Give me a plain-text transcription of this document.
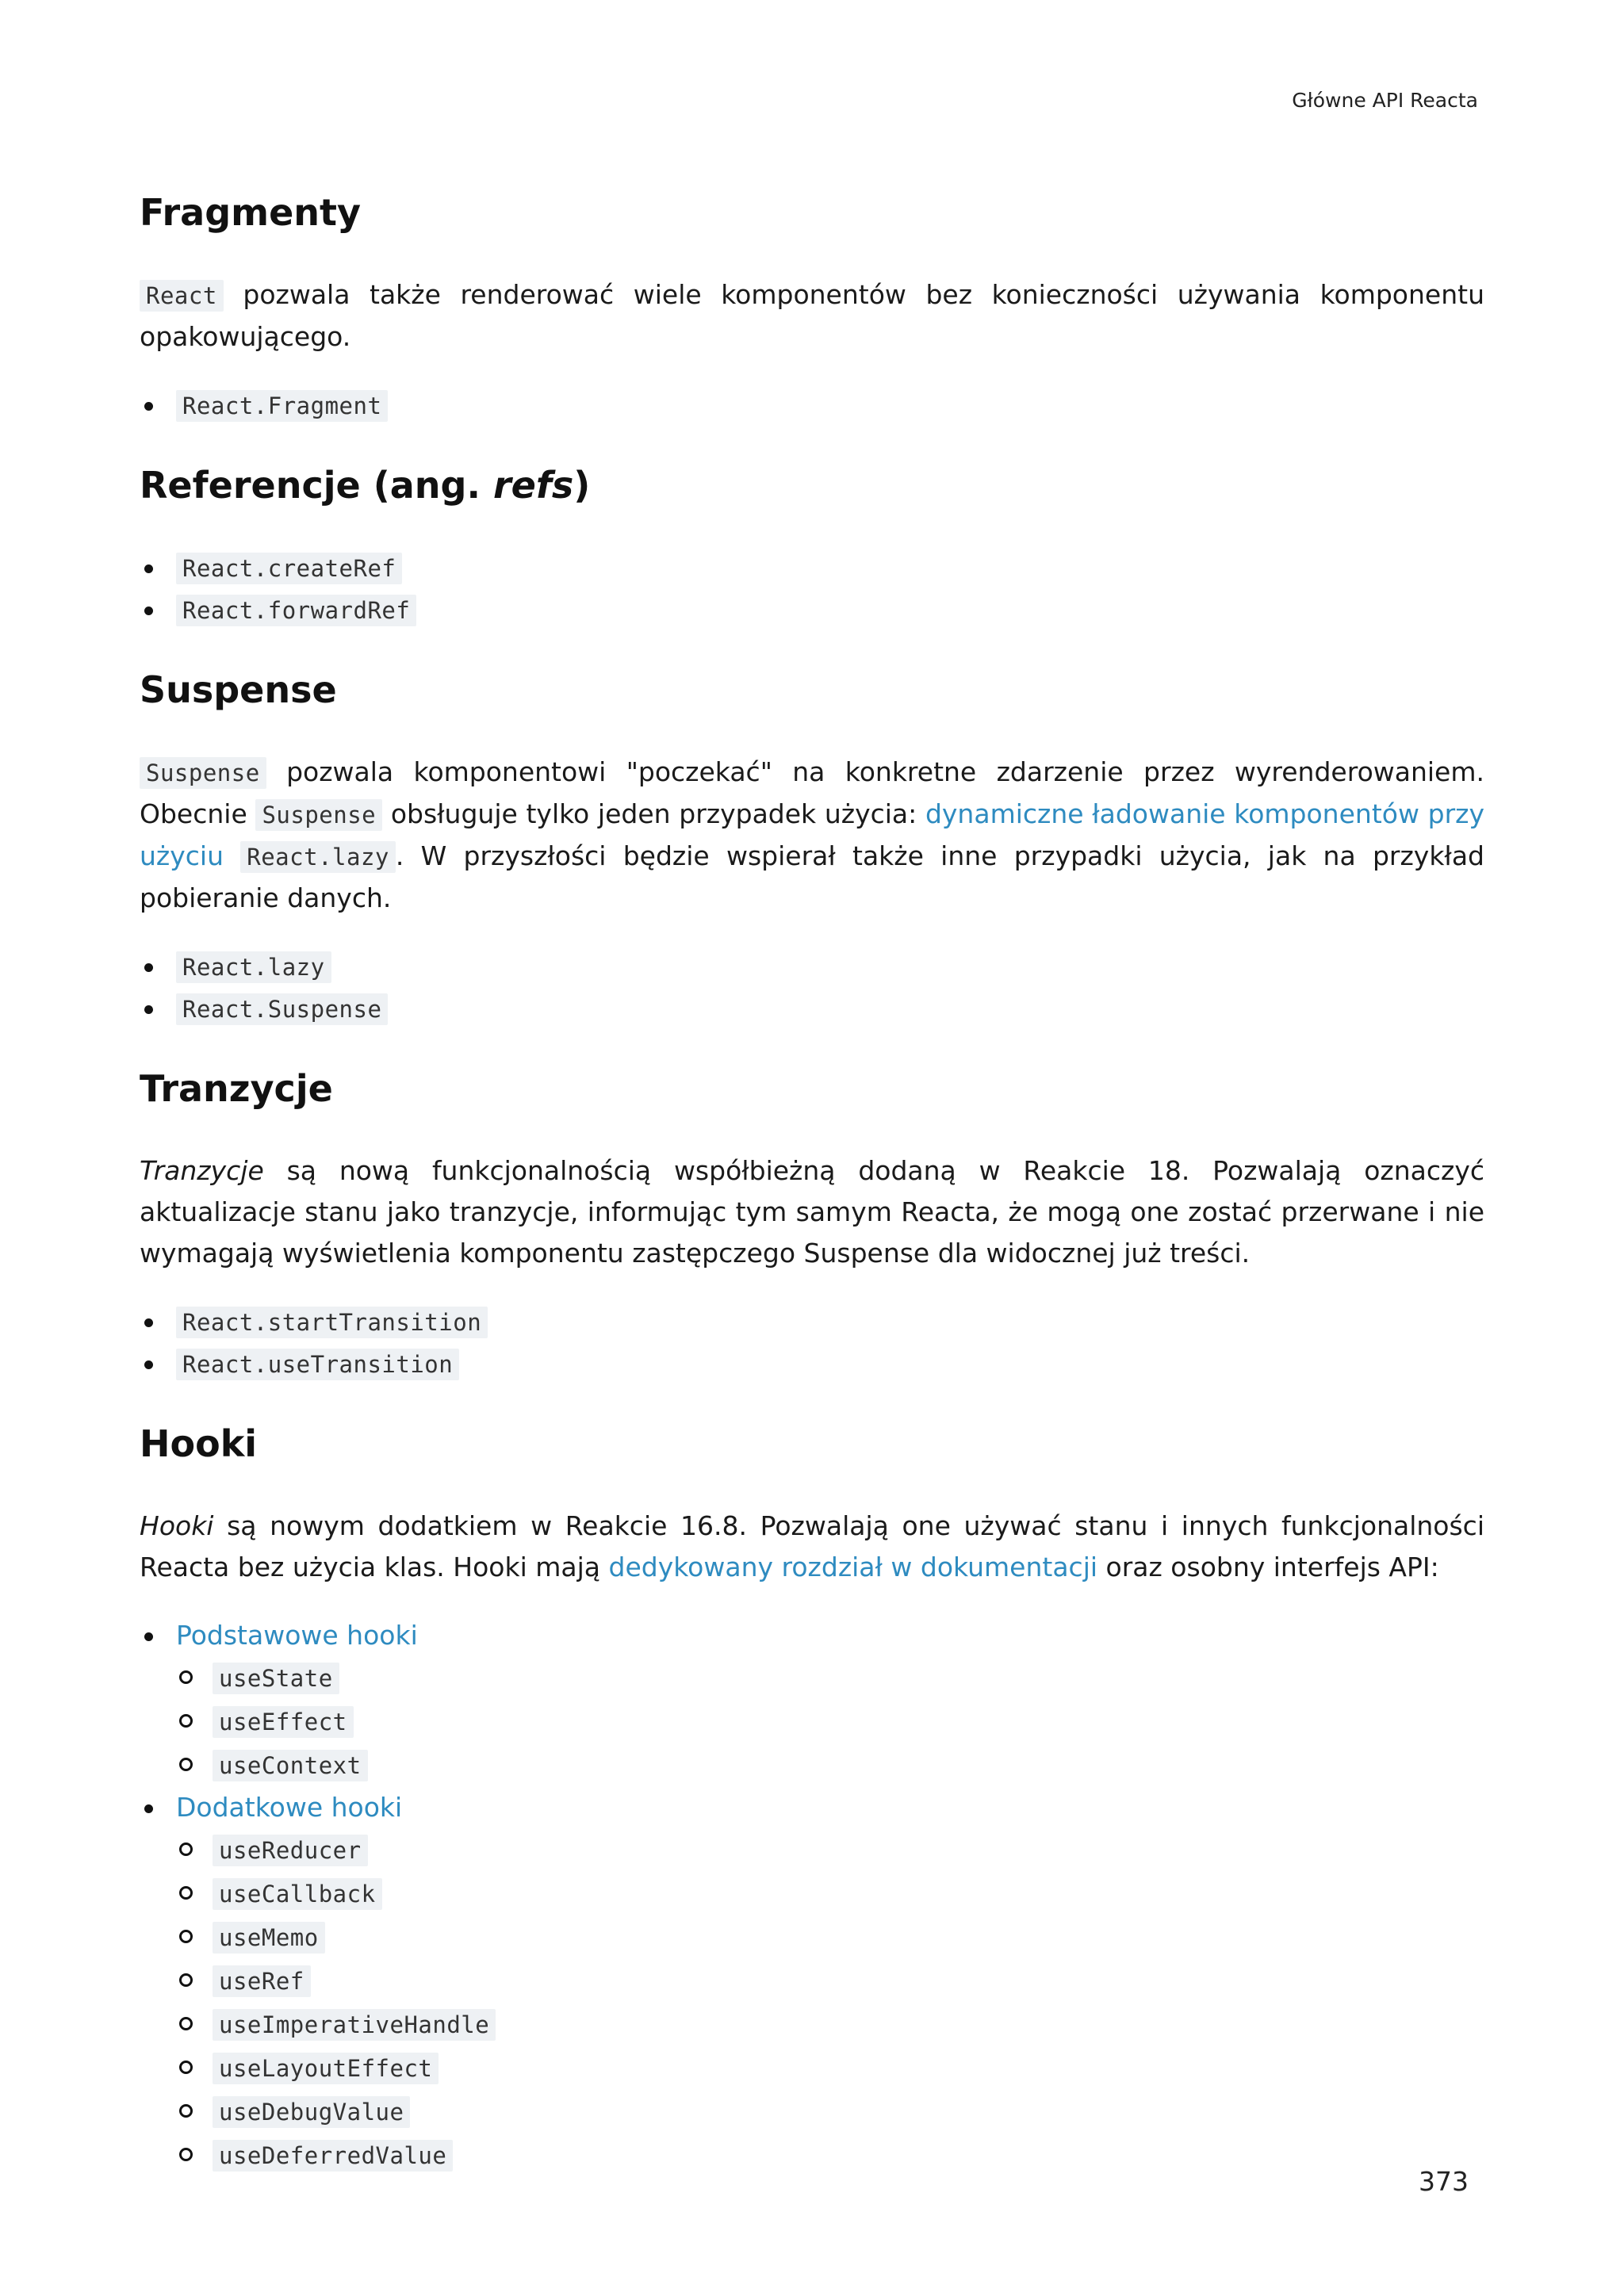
Główne API Reacta
Fragmenty

React pozwala także renderować wiele komponentów bez konieczności używania komponentu opakowującego.

React.Fragment
Referencje (ang. refs)
React.createRef
React.forwardRef
Suspense

Suspense pozwala komponentowi "poczekać" na konkretne zdarzenie przez wyrenderowaniem. Obecnie Suspense obsługuje tylko jeden przypadek użycia: dynamiczne ładowanie komponentów przy użyciu React.lazy . W przyszłości będzie wspierał także inne przypadki użycia, jak na przykład pobieranie danych.

React.lazy
React.Suspense
Tranzycje

Tranzycje są nową funkcjonalnością współbieżną dodaną w Reakcie 18. Pozwalają oznaczyć aktualizacje stanu jako tranzycje, informując tym samym Reacta, że mogą one zostać przerwane i nie wymagają wyświetlenia komponentu zastępczego Suspense dla widocznej już treści.

React.startTransition
React.useTransition
Hooki

Hooki są nowym dodatkiem w Reakcie 16.8. Pozwalają one używać stanu i innych funkcjonalności Reacta bez użycia klas. Hooki mają dedykowany rozdział w dokumentacji oraz osobny interfejs API:

Podstawowe hooki
useState
useEffect
useContext
Dodatkowe hooki
useReducer
useCallback
useMemo
useRef
useImperativeHandle
useLayoutEffect
useDebugValue
useDeferredValue
373
